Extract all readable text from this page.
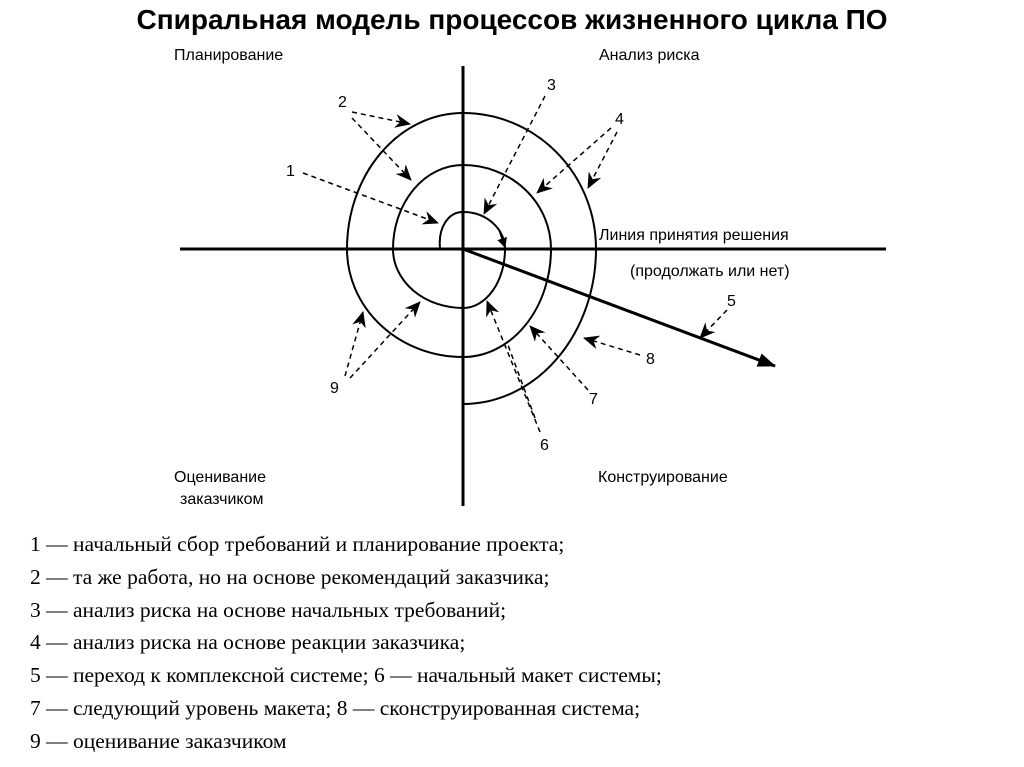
Спиральная модель процессов жизненного цикла ПО
Планирование	Анализ риска
Оценивание
заказчиком
Конструирование
Линия принятия решения
(продолжать или нет)
1
2
3
4
5
6
7
8
9
1 — начальный сбор требований и планирование проекта;
2 — та же работа, но на основе рекомендаций заказчика;
3 — анализ риска на основе начальных требований;
4 — анализ риска на основе реакции заказчика;
5 — переход к комплексной системе; 6 — начальный макет системы;
7 — следующий уровень макета; 8 — сконструированная система;
9 — оценивание заказчиком
